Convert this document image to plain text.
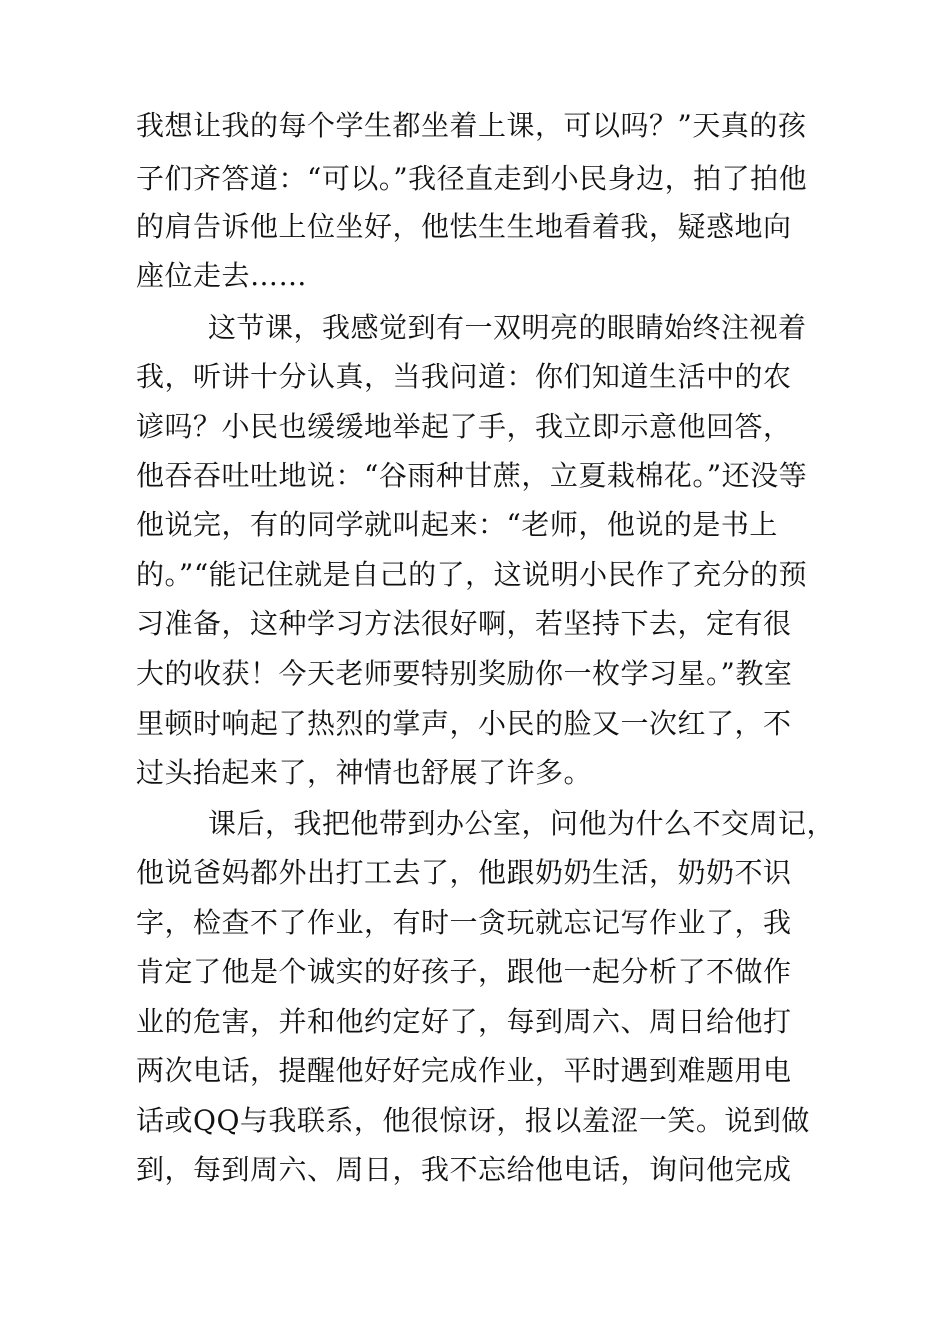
我想让我的每个学生都坐着上课，可以吗？”天真的孩
子们齐答道：“可以。”我径直走到小民身边，拍了拍他
的肩告诉他上位坐好，他怯生生地看着我，疑惑地向
座位走去……
这节课，我感觉到有一双明亮的眼睛始终注视着
我，听讲十分认真，当我问道：你们知道生活中的农
谚吗？小民也缓缓地举起了手，我立即示意他回答，
他吞吞吐吐地说：“谷雨种甘蔗，立夏栽棉花。”还没等
他说完，有的同学就叫起来：“老师，他说的是书上
的。”“能记住就是自己的了，这说明小民作了充分的预
习准备，这种学习方法很好啊，若坚持下去，定有很
大的收获！今天老师要特别奖励你一枚学习星。”教室
里顿时响起了热烈的掌声，小民的脸又一次红了，不
过头抬起来了，神情也舒展了许多。
课后，我把他带到办公室，问他为什么不交周记，
他说爸妈都外出打工去了，他跟奶奶生活，奶奶不识
字，检查不了作业，有时一贪玩就忘记写作业了，我
肯定了他是个诚实的好孩子，跟他一起分析了不做作
业的危害，并和他约定好了，每到周六、周日给他打
两次电话，提醒他好好完成作业，平时遇到难题用电
话或QQ与我联系，他很惊讶，报以羞涩一笑。说到做
到，每到周六、周日，我不忘给他电话，询问他完成
